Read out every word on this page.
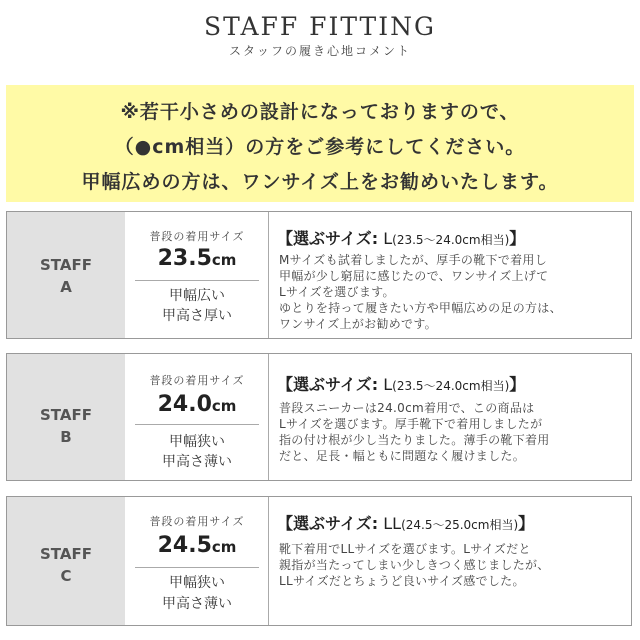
STAFF FITTING
スタッフの履き心地コメント
※若干小さめの設計になっておりますので、
（●cm相当）の方をご参考にしてください。
甲幅広めの方は、ワンサイズ上をお勧めいたします。
STAFF
A
普段の着用サイズ
23.5cm
甲幅広い
甲高さ厚い
【選ぶサイズ: L(23.5～24.0cm相当)】
Mサイズも試着しましたが、厚手の靴下で着用し
甲幅が少し窮屈に感じたので、ワンサイズ上げて
Lサイズを選びます。
ゆとりを持って履きたい方や甲幅広めの足の方は、
ワンサイズ上がお勧めです。
STAFF
B
普段の着用サイズ
24.0cm
甲幅狭い
甲高さ薄い
【選ぶサイズ: L(23.5～24.0cm相当)】
普段スニーカーは24.0cm着用で、この商品は
Lサイズを選びます。厚手靴下で着用しましたが
指の付け根が少し当たりました。薄手の靴下着用
だと、足長・幅ともに問題なく履けました。
STAFF
C
普段の着用サイズ
24.5cm
甲幅狭い
甲高さ薄い
【選ぶサイズ: LL(24.5～25.0cm相当)】
靴下着用でLLサイズを選びます。Lサイズだと
親指が当たってしまい少しきつく感じましたが、
LLサイズだとちょうど良いサイズ感でした。
